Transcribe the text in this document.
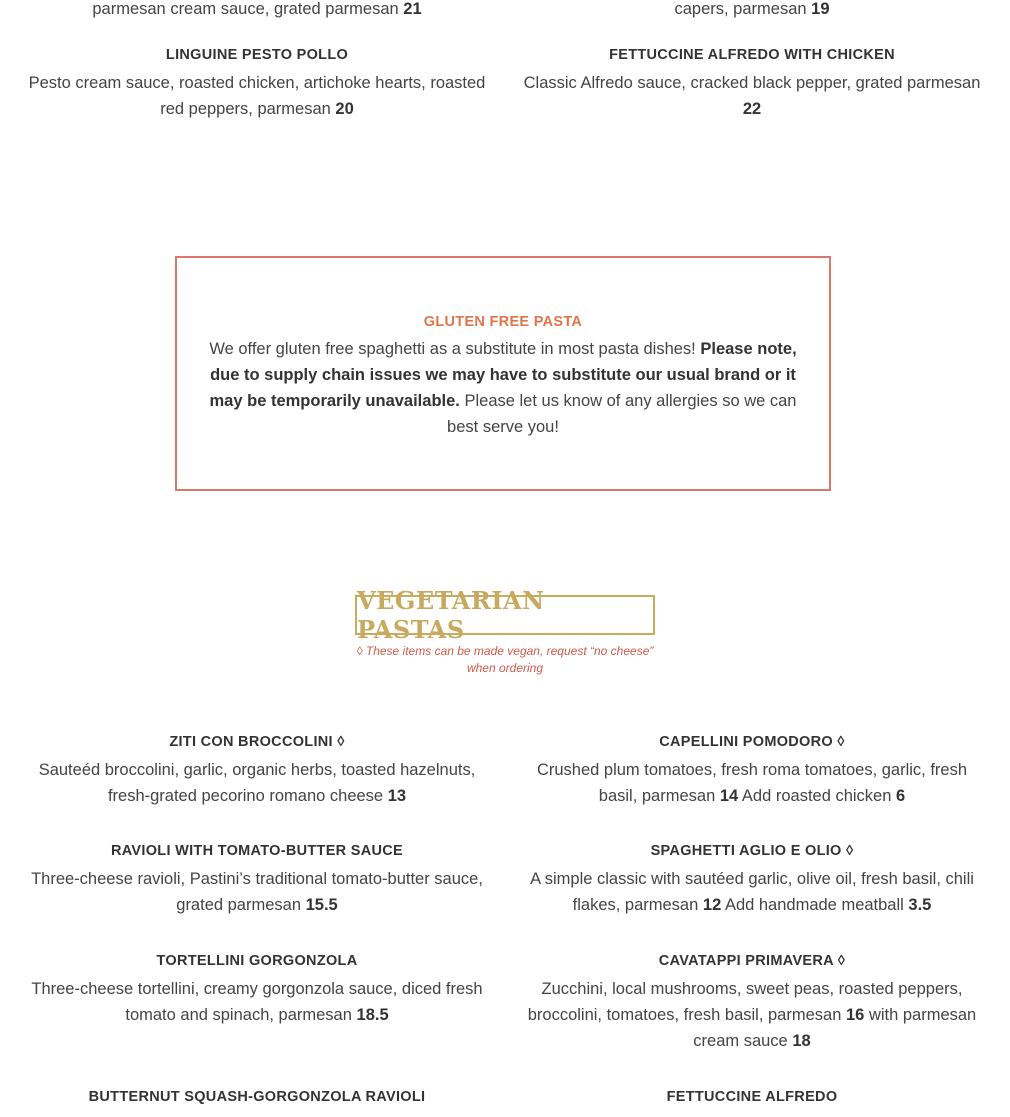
parmesan cream sauce, grated parmesan 21	capers, parmesan 19
LINGUINE PESTO POLLO
Pesto cream sauce, roasted chicken, artichoke hearts, roasted red peppers, parmesan 20
FETTUCCINE ALFREDO WITH CHICKEN
Classic Alfredo sauce, cracked black pepper, grated parmesan 22
GLUTEN FREE PASTA
We offer gluten free spaghetti as a substitute in most pasta dishes! Please note, due to supply chain issues we may have to substitute our usual brand or it may be temporarily unavailable. Please let us know of any allergies so we can best serve you!
VEGETARIAN PASTAS
◊ These items can be made vegan, request “no cheese” when ordering
ZITI CON BROCCOLINI ◊
Sauteéd broccolini, garlic, organic herbs, toasted hazelnuts, fresh-grated pecorino romano cheese 13
CAPELLINI POMODORO ◊
Crushed plum tomatoes, fresh roma tomatoes, garlic, fresh basil, parmesan 14 Add roasted chicken 6
RAVIOLI WITH TOMATO-BUTTER SAUCE
Three-cheese ravioli, Pastini’s traditional tomato-butter sauce, grated parmesan 15.5
SPAGHETTI AGLIO E OLIO ◊
A simple classic with sautéed garlic, olive oil, fresh basil, chili flakes, parmesan 12 Add handmade meatball 3.5
TORTELLINI GORGONZOLA
Three-cheese tortellini, creamy gorgonzola sauce, diced fresh tomato and spinach, parmesan 18.5
CAVATAPPI PRIMAVERA ◊
Zucchini, local mushrooms, sweet peas, roasted peppers, broccolini, tomatoes, fresh basil, parmesan 16 with parmesan cream sauce 18
BUTTERNUT SQUASH-GORGONZOLA RAVIOLI	FETTUCCINE ALFREDO
